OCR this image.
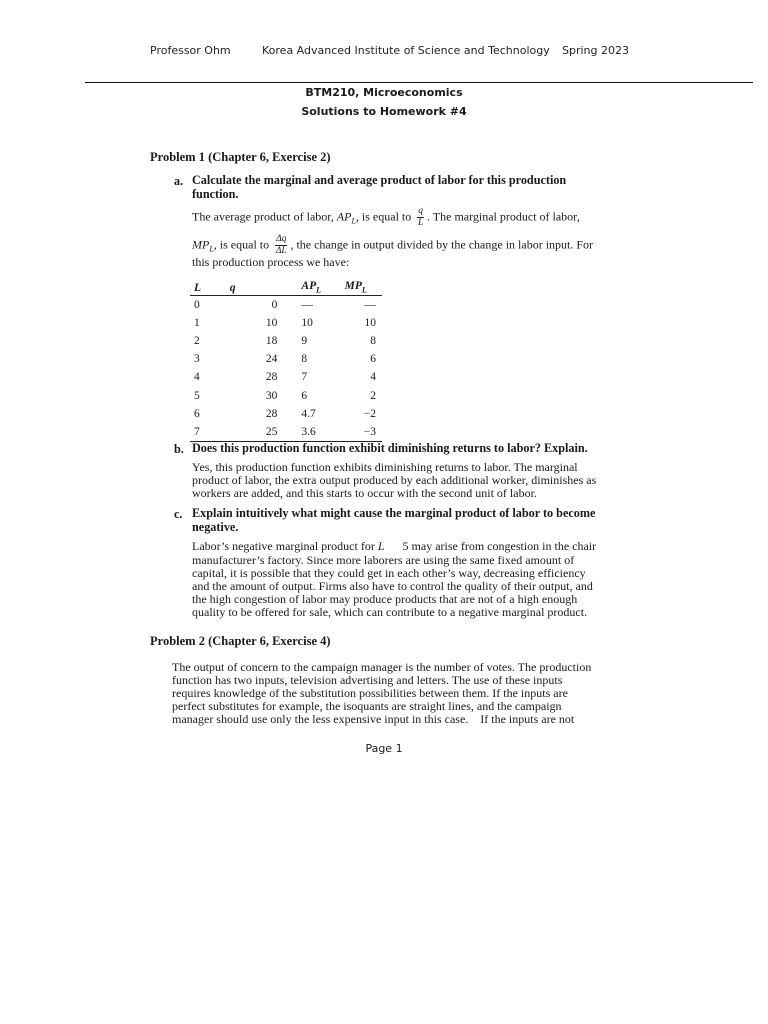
Professor Ohm	Korea Advanced Institute of Science and Technology Spring 2023
BTM210, Microeconomics
Solutions to Homework #4
Problem 1 (Chapter 6, Exercise 2)
a. Calculate the marginal and average product of labor for this production function.
The average product of labor, $AP_L$, is equal to $\frac{q}{L}$ . The marginal product of labor,
$MP_L$, is equal to $\frac{\Delta q}{\Delta L}$ , the change in output divided by the change in labor input. For
this production process we have:
L	q	$AP_L$	$MP_L$
0	0	—	—
1	10	10	10
2	18	9	8
3	24	8	6
4	28	7	4
5	30	6	2
6	28	4.7	−2
7	25	3.6	−3
b. Does this production function exhibit diminishing returns to labor? Explain.
Yes, this production function exhibits diminishing returns to labor. The marginal
product of labor, the extra output produced by each additional worker, diminishes as
workers are added, and this starts to occur with the second unit of labor.
c. Explain intuitively what might cause the marginal product of labor to become negative.
Labor’s negative marginal product for L 5 may arise from congestion in the chair
manufacturer’s factory. Since more laborers are using the same fixed amount of
capital, it is possible that they could get in each other’s way, decreasing efficiency
and the amount of output. Firms also have to control the quality of their output, and
the high congestion of labor may produce products that are not of a high enough
quality to be offered for sale, which can contribute to a negative marginal product.
Problem 2 (Chapter 6, Exercise 4)
The output of concern to the campaign manager is the number of votes. The production
function has two inputs, television advertising and letters. The use of these inputs
requires knowledge of the substitution possibilities between them. If the inputs are
perfect substitutes for example, the isoquants are straight lines, and the campaign
manager should use only the less expensive input in this case.    If the inputs are not
Page 1
